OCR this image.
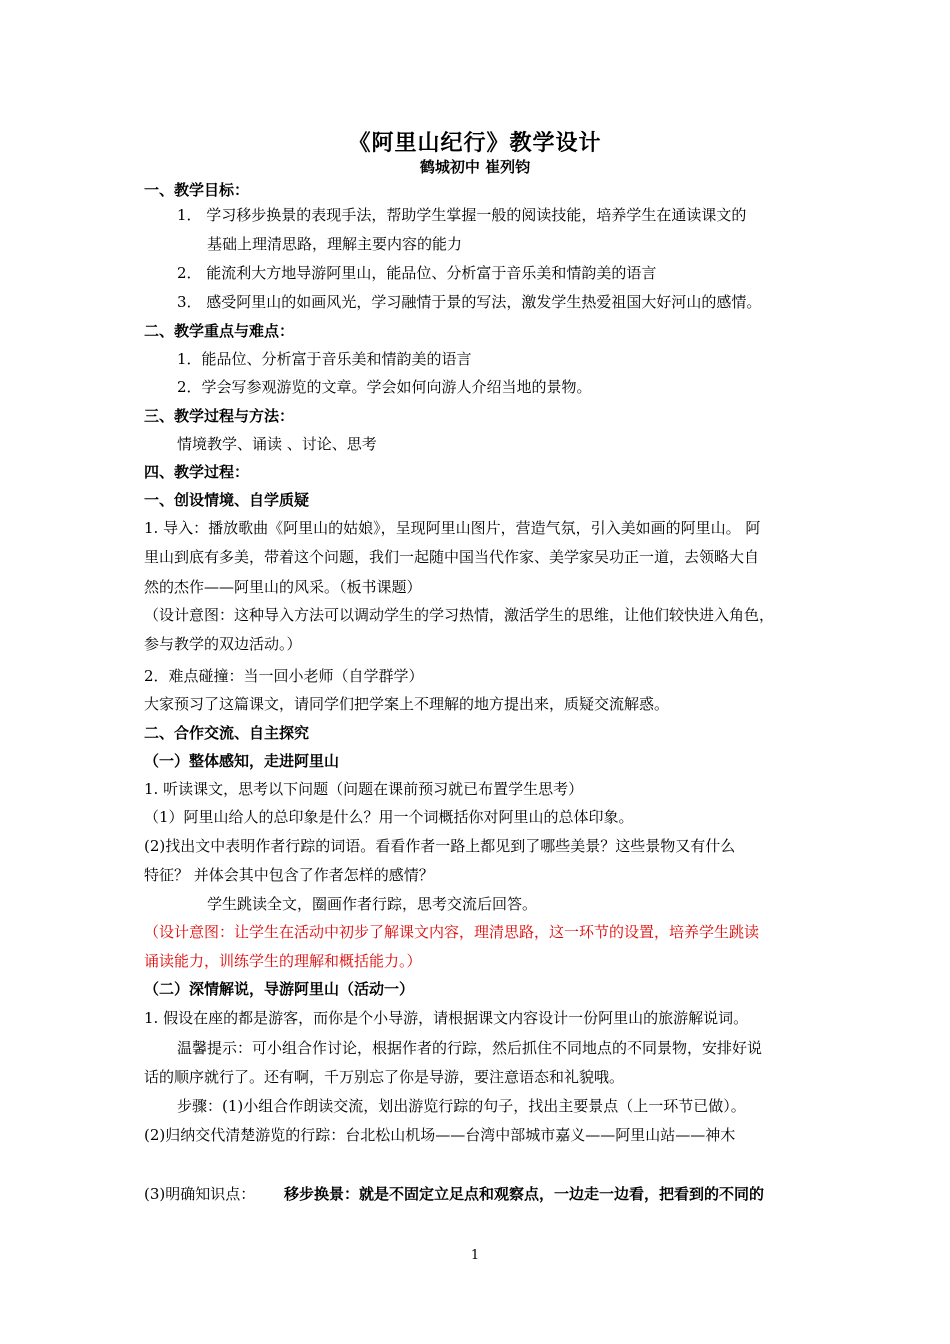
《阿里山纪行》教学设计
鹤城初中 崔列钧
一、教学目标：
1． 学习移步换景的表现手法，帮助学生掌握一般的阅读技能，培养学生在通读课文的
基础上理清思路，理解主要内容的能力
2． 能流利大方地导游阿里山，能品位、分析富于音乐美和情韵美的语言
3． 感受阿里山的如画风光，学习融情于景的写法，激发学生热爱祖国大好河山的感情。
二、教学重点与难点：
1．能品位、分析富于音乐美和情韵美的语言
2．学会写参观游览的文章。学会如何向游人介绍当地的景物。
三、教学过程与方法：
情境教学、诵读 、讨论、思考
四、教学过程：
一、创设情境、自学质疑
1. 导入：播放歌曲《阿里山的姑娘》，呈现阿里山图片，营造气氛，引入美如画的阿里山。 阿
里山到底有多美，带着这个问题，我们一起随中国当代作家、美学家吴功正一道，去领略大自
然的杰作——阿里山的风采。（板书课题）
（设计意图：这种导入方法可以调动学生的学习热情，激活学生的思维，让他们较快进入角色，
参与教学的双边活动。）
2．难点碰撞：当一回小老师（自学群学）
大家预习了这篇课文，请同学们把学案上不理解的地方提出来，质疑交流解惑。
二、合作交流、自主探究
（一）整体感知，走进阿里山
1. 听读课文，思考以下问题（问题在课前预习就已布置学生思考）
（1）阿里山给人的总印象是什么？用一个词概括你对阿里山的总体印象。
(2)找出文中表明作者行踪的词语。看看作者一路上都见到了哪些美景？这些景物又有什么
特征？ 并体会其中包含了作者怎样的感情？
学生跳读全文，圈画作者行踪，思考交流后回答。
（设计意图：让学生在活动中初步了解课文内容，理清思路，这一环节的设置，培养学生跳读
诵读能力，训练学生的理解和概括能力。）
（二）深情解说，导游阿里山（活动一）
1. 假设在座的都是游客，而你是个小导游，请根据课文内容设计一份阿里山的旅游解说词。
温馨提示：可小组合作讨论，根据作者的行踪，然后抓住不同地点的不同景物，安排好说
话的顺序就行了。还有啊，千万别忘了你是导游，要注意语态和礼貌哦。
步骤：(1)小组合作朗读交流，划出游览行踪的句子，找出主要景点（上一环节已做）。
(2)归纳交代清楚游览的行踪：台北松山机场——台湾中部城市嘉义——阿里山站——神木
(3)明确知识点： 移步换景：就是不固定立足点和观察点，一边走一边看，把看到的不同的
1
